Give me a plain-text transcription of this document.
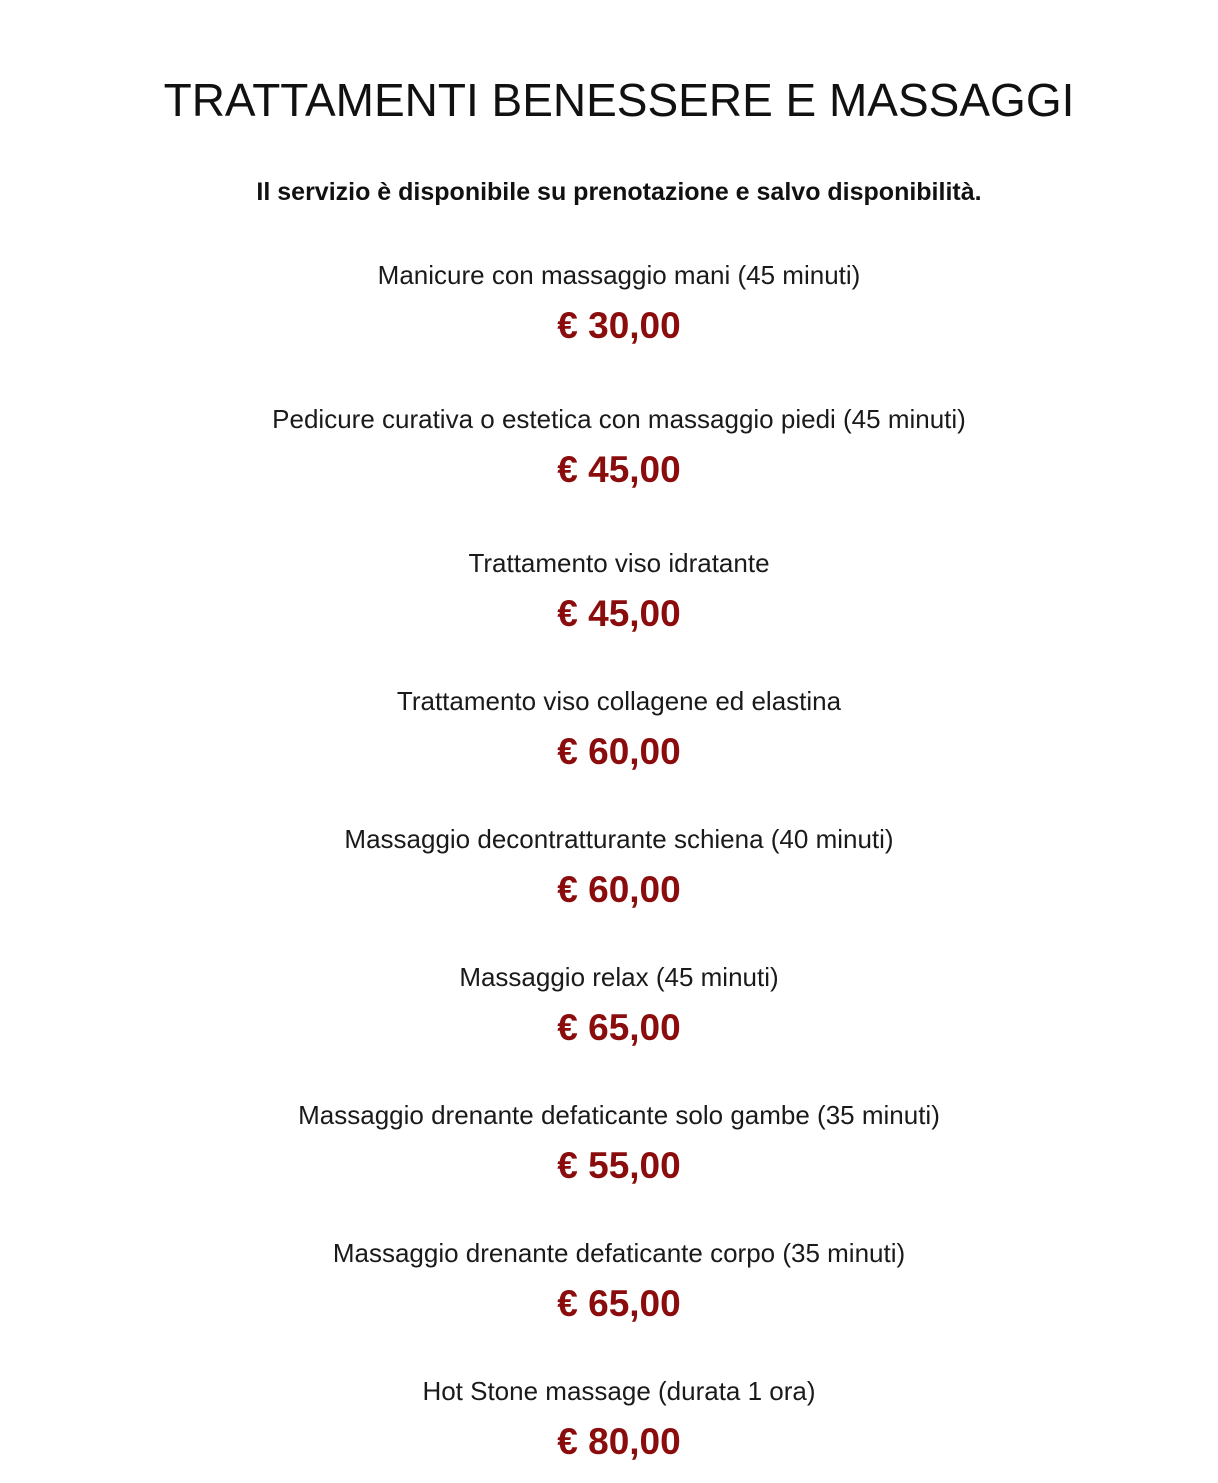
TRATTAMENTI BENESSERE E MASSAGGI

Il servizio è disponibile su prenotazione e salvo disponibilità.

Manicure con massaggio mani (45 minuti)
€ 30,00
Pedicure curativa o estetica con massaggio piedi (45 minuti)
€ 45,00
Trattamento viso idratante
€ 45,00
Trattamento viso collagene ed elastina
€ 60,00
Massaggio decontratturante schiena (40 minuti)
€ 60,00
Massaggio relax (45 minuti)
€ 65,00
Massaggio drenante defaticante solo gambe (35 minuti)
€ 55,00
Massaggio drenante defaticante corpo (35 minuti)
€ 65,00
Hot Stone massage (durata 1 ora)
€ 80,00
